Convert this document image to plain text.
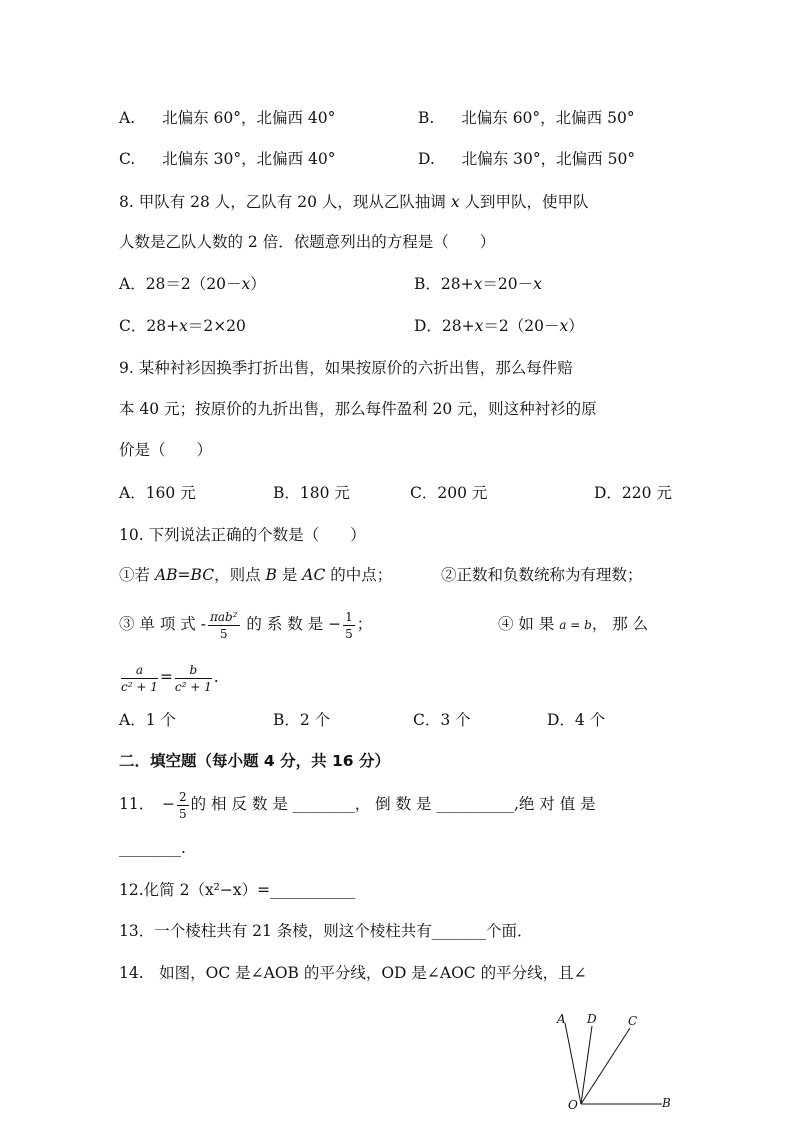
A. 北偏东 60°，北偏西 40°	B. 北偏东 60°，北偏西 50°
C. 北偏东 30°，北偏西 40°	D. 北偏东 30°，北偏西 50°
8. 甲队有 28 人，乙队有 20 人，现从乙队抽调 x 人到甲队，使甲队
人数是乙队人数的 2 倍．依题意列出的方程是（　　）
A．28＝2（20－x）	B．28+x＝20－x
C．28+x＝2×20	D．28+x＝2（20－x）
9. 某种衬衫因换季打折出售，如果按原价的六折出售，那么每件赔
本 40 元；按原价的九折出售，那么每件盈利 20 元，则这种衬衫的原
价是（　　）
A．160 元	B．180 元	C．200 元	D．220 元
10. 下列说法正确的个数是（　　）
①若 AB=BC，则点 B 是 AC 的中点；	②正数和负数统称为有理数；
③ 单 项 式 - $\frac{\text{πab²}}{5}$ 的 系 数 是 − $\frac{1}{5}$ ；	④ 如 果 a = b， 那 么
$\frac{a}{\text{c² + 1}} = \frac{b}{\text{c² + 1}}$ .
A．1 个	B．2 个	C．3 个	D．4 个
二．填空题（每小题 4 分，共 16 分）
11．　− $\frac{2}{5}$ 的 相 反 数 是 ________， 倒 数 是 __________,绝 对 值 是
________.
12.化简 2（x²−x）=___________
13．一个棱柱共有 21 条棱，则这个棱柱共有_______个面．
14.　如图，OC 是∠AOB 的平分线，OD 是∠AOC 的平分线，且∠
A D	C
O	B
